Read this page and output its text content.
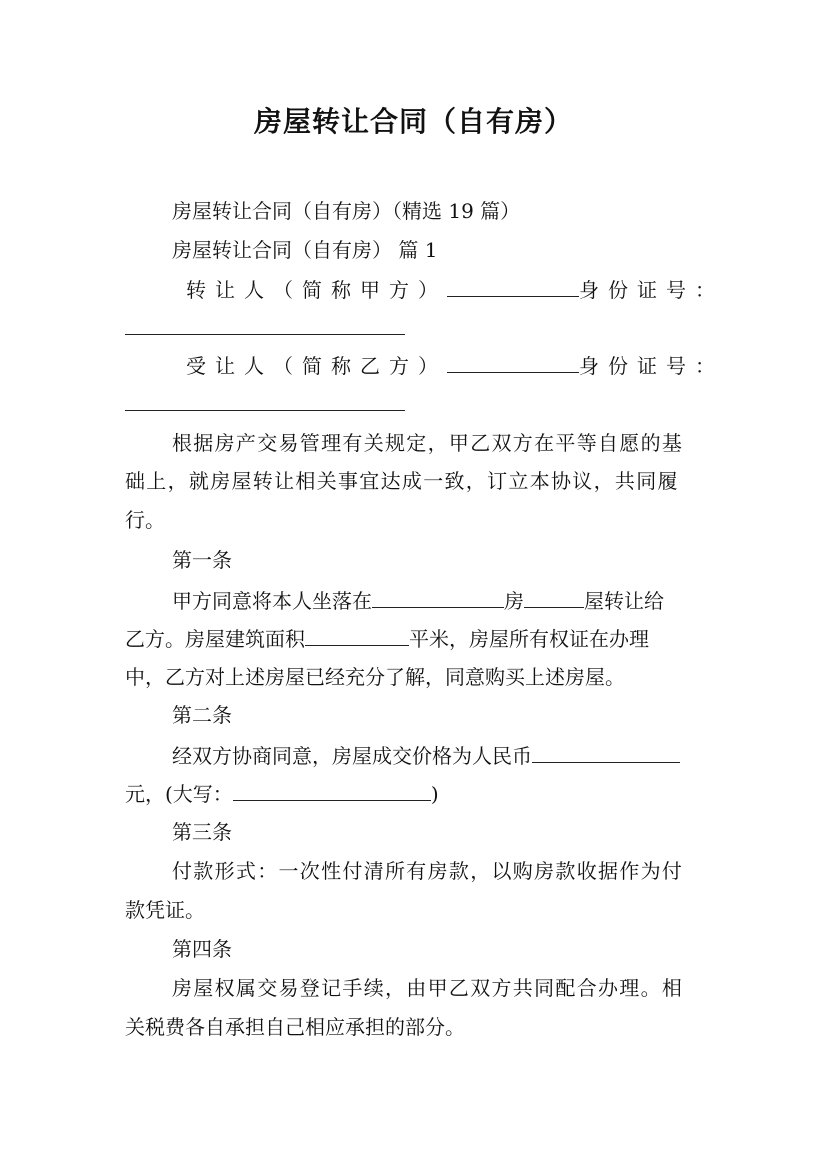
房屋转让合同（自有房）
房屋转让合同（自有房）（精选 19 篇）
房屋转让合同（自有房） 篇 1
转让人（简称甲方）	身份证号：
受让人（简称乙方）	身份证号：
根据房产交易管理有关规定，甲乙双方在平等自愿的基
础上，就房屋转让相关事宜达成一致，订立本协议，共同履
行。
第一条
甲方同意将本人坐落在	房	屋转让给
乙方。房屋建筑面积	平米，房屋所有权证在办理
中，乙方对上述房屋已经充分了解，同意购买上述房屋。
第二条
经双方协商同意，房屋成交价格为人民币
元，(大写：	)
第三条
付款形式：一次性付清所有房款，以购房款收据作为付
款凭证。
第四条
房屋权属交易登记手续，由甲乙双方共同配合办理。相
关税费各自承担自己相应承担的部分。
